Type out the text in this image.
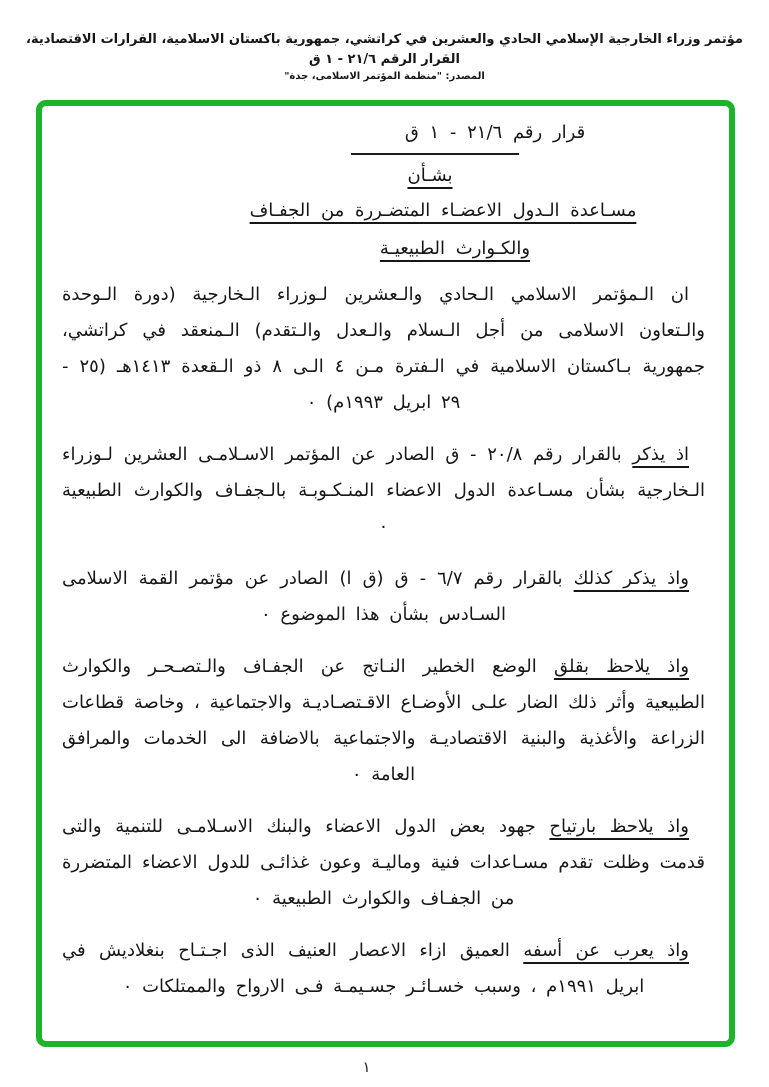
مؤتمر وزراء الخارجية الإسلامي الحادي والعشرين في كراتشي، جمهورية باكستان الاسلامية، القرارات الاقتصادية، القرار الرقم ٢١/٦ - ١ ق
المصدر: "منظمة المؤتمر الاسلامى، جدة"
قرار رقم ٢١/٦ - ١ ق
بشـأن
مسـاعدة الـدول الاعضـاء المتضـررة من الجفـاف
والكـوارث الطبيعيـة

ان الـمؤتمر الاسلامي الـحادي والـعشرين لـوزراء الـخارجية (دورة الـوحدة والـتعاون الاسلامى من أجل الـسلام والـعدل والـتقدم) الـمنعقد في كراتشي، جمهورية بـاكستان الاسلامية في الـفترة مـن ٤ الـى ٨ ذو الـقعدة ١٤١٣هـ (٢٥ - ٢٩ ابريل ١٩٩٣م) ٠

اذ يذكر بالقرار رقم ٢٠/٨ - ق الصادر عن المؤتمر الاسـلامـى العشرين لـوزراء الـخارجية بشأن مسـاعدة الدول الاعضاء المنـكـوبـة بالـجفـاف والكوارث الطبيعية ٠

واذ يذكر كذلك بالقرار رقم ٦/٧ - ق (ق ا) الصادر عن مؤتمر القمة الاسلامى السـادس بشأن هذا الموضوع ٠

واذ يلاحظ بقلق الوضع الخطير النـاتج عن الجفـاف والـتصـحـر والكوارث الطبيعية وأثر ذلك الضار علـى الأوضـاع الاقـتصـاديـة والاجتماعية ، وخاصة قطاعات الزراعة والأغذية والبنية الاقتصاديـة والاجتماعية بالاضافة الى الخدمات والمرافق العامة ٠

واذ يلاحظ بارتياح جهود بعض الدول الاعضاء والبنك الاسـلامـى للتنمية والتى قدمت وظلت تقدم مسـاعدات فنية وماليـة وعون غذائـى للدول الاعضاء المتضررة من الجفـاف والكوارث الطبيعية ٠

واذ يعرب عن أسفه العميق ازاء الاعصار العنيف الذى اجـتـاح بنغلاديش في ابريل ١٩٩١م ، وسبب خسـائـر جسـيمـة فـى الارواح والممتلكات ٠

١
